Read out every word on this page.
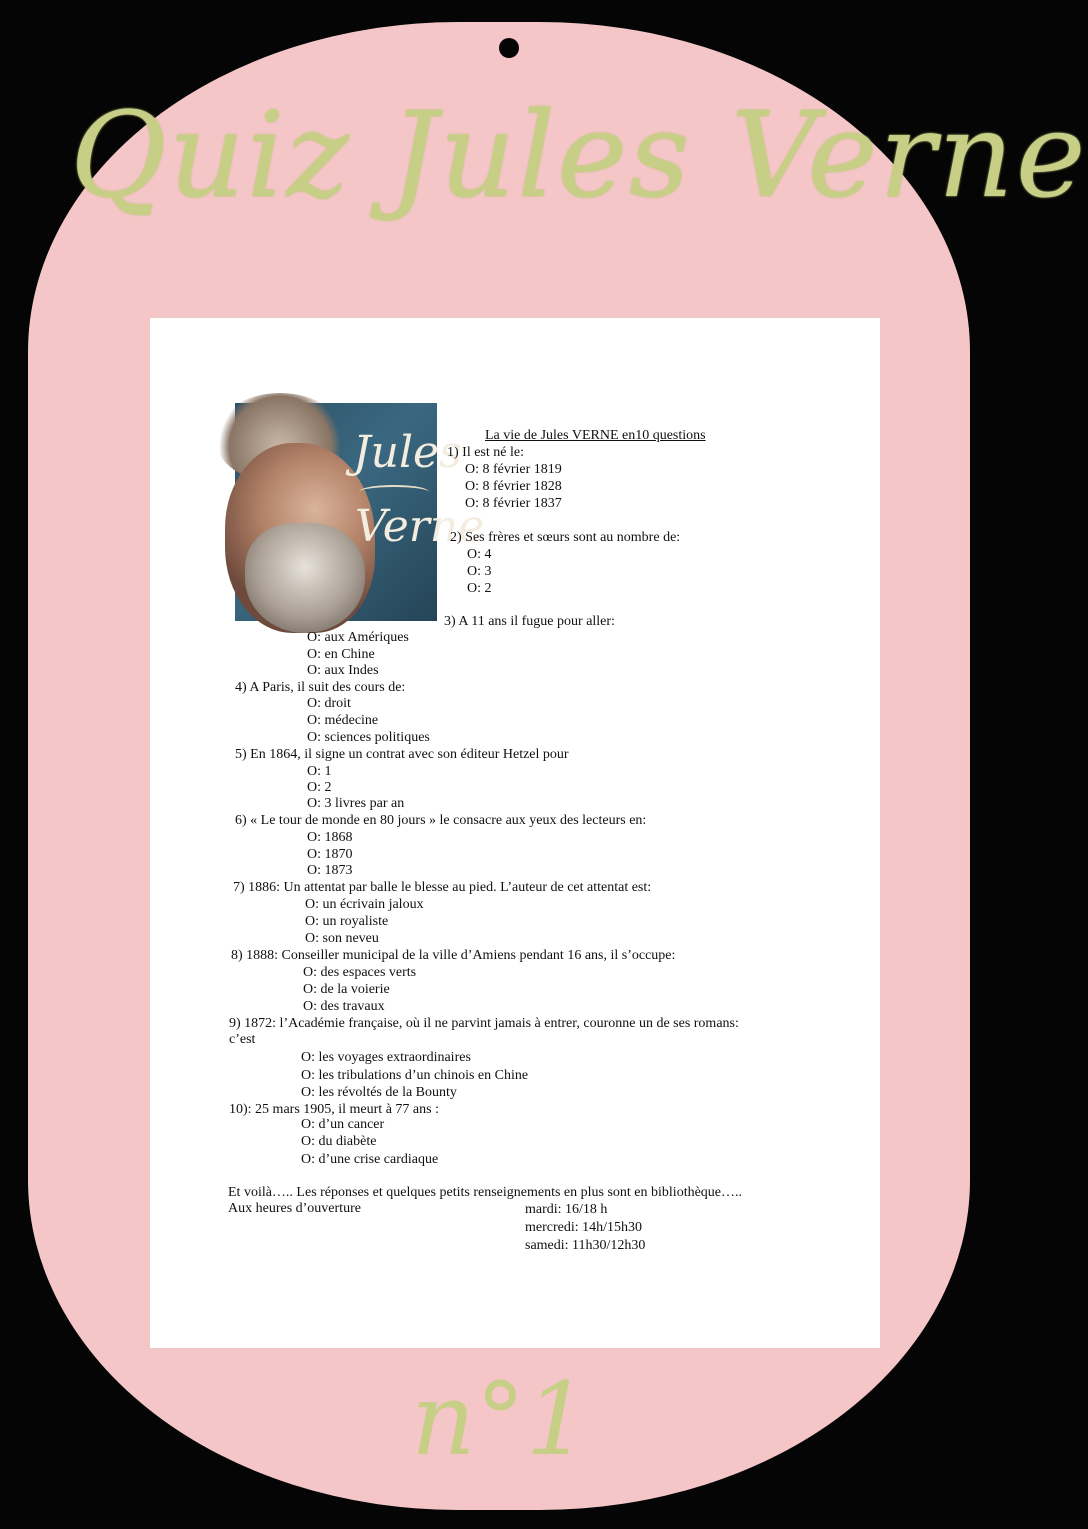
Quiz Jules Verne
Jules
Verne
La vie de Jules VERNE en10 questions
1) Il est né le:
O: 8 février 1819
O: 8 février 1828
O: 8 février 1837
2) Ses frères et sœurs sont au nombre de:
O: 4
O: 3
O: 2
3) A 11 ans il fugue pour aller:
O: aux Amériques
O: en Chine
O: aux Indes
4) A Paris, il suit des cours de:
O: droit
O: médecine
O: sciences politiques
5) En 1864, il signe un contrat avec son éditeur Hetzel pour
O: 1
O: 2
O: 3 livres par an
6) « Le tour de monde en 80 jours » le consacre aux yeux des lecteurs en:
O: 1868
O: 1870
O: 1873
7) 1886: Un attentat par balle le blesse au pied. L’auteur de cet attentat est:
O: un écrivain jaloux
O: un royaliste
O: son neveu
8) 1888: Conseiller municipal de la ville d’Amiens pendant 16 ans, il s’occupe:
O: des espaces verts
O: de la voierie
O: des travaux
9) 1872: l’Académie française, où il ne parvint jamais à entrer, couronne un de ses romans:
c’est
O: les voyages extraordinaires
O: les tribulations d’un chinois en Chine
O: les révoltés de la Bounty
10): 25 mars 1905, il meurt à 77 ans :
O: d’un cancer
O: du diabète
O: d’une crise cardiaque
Et voilà….. Les réponses et quelques petits renseignements en plus sont en bibliothèque…..
Aux heures d’ouverture	mardi: 16/18 h
mercredi: 14h/15h30
samedi: 11h30/12h30
n°1
